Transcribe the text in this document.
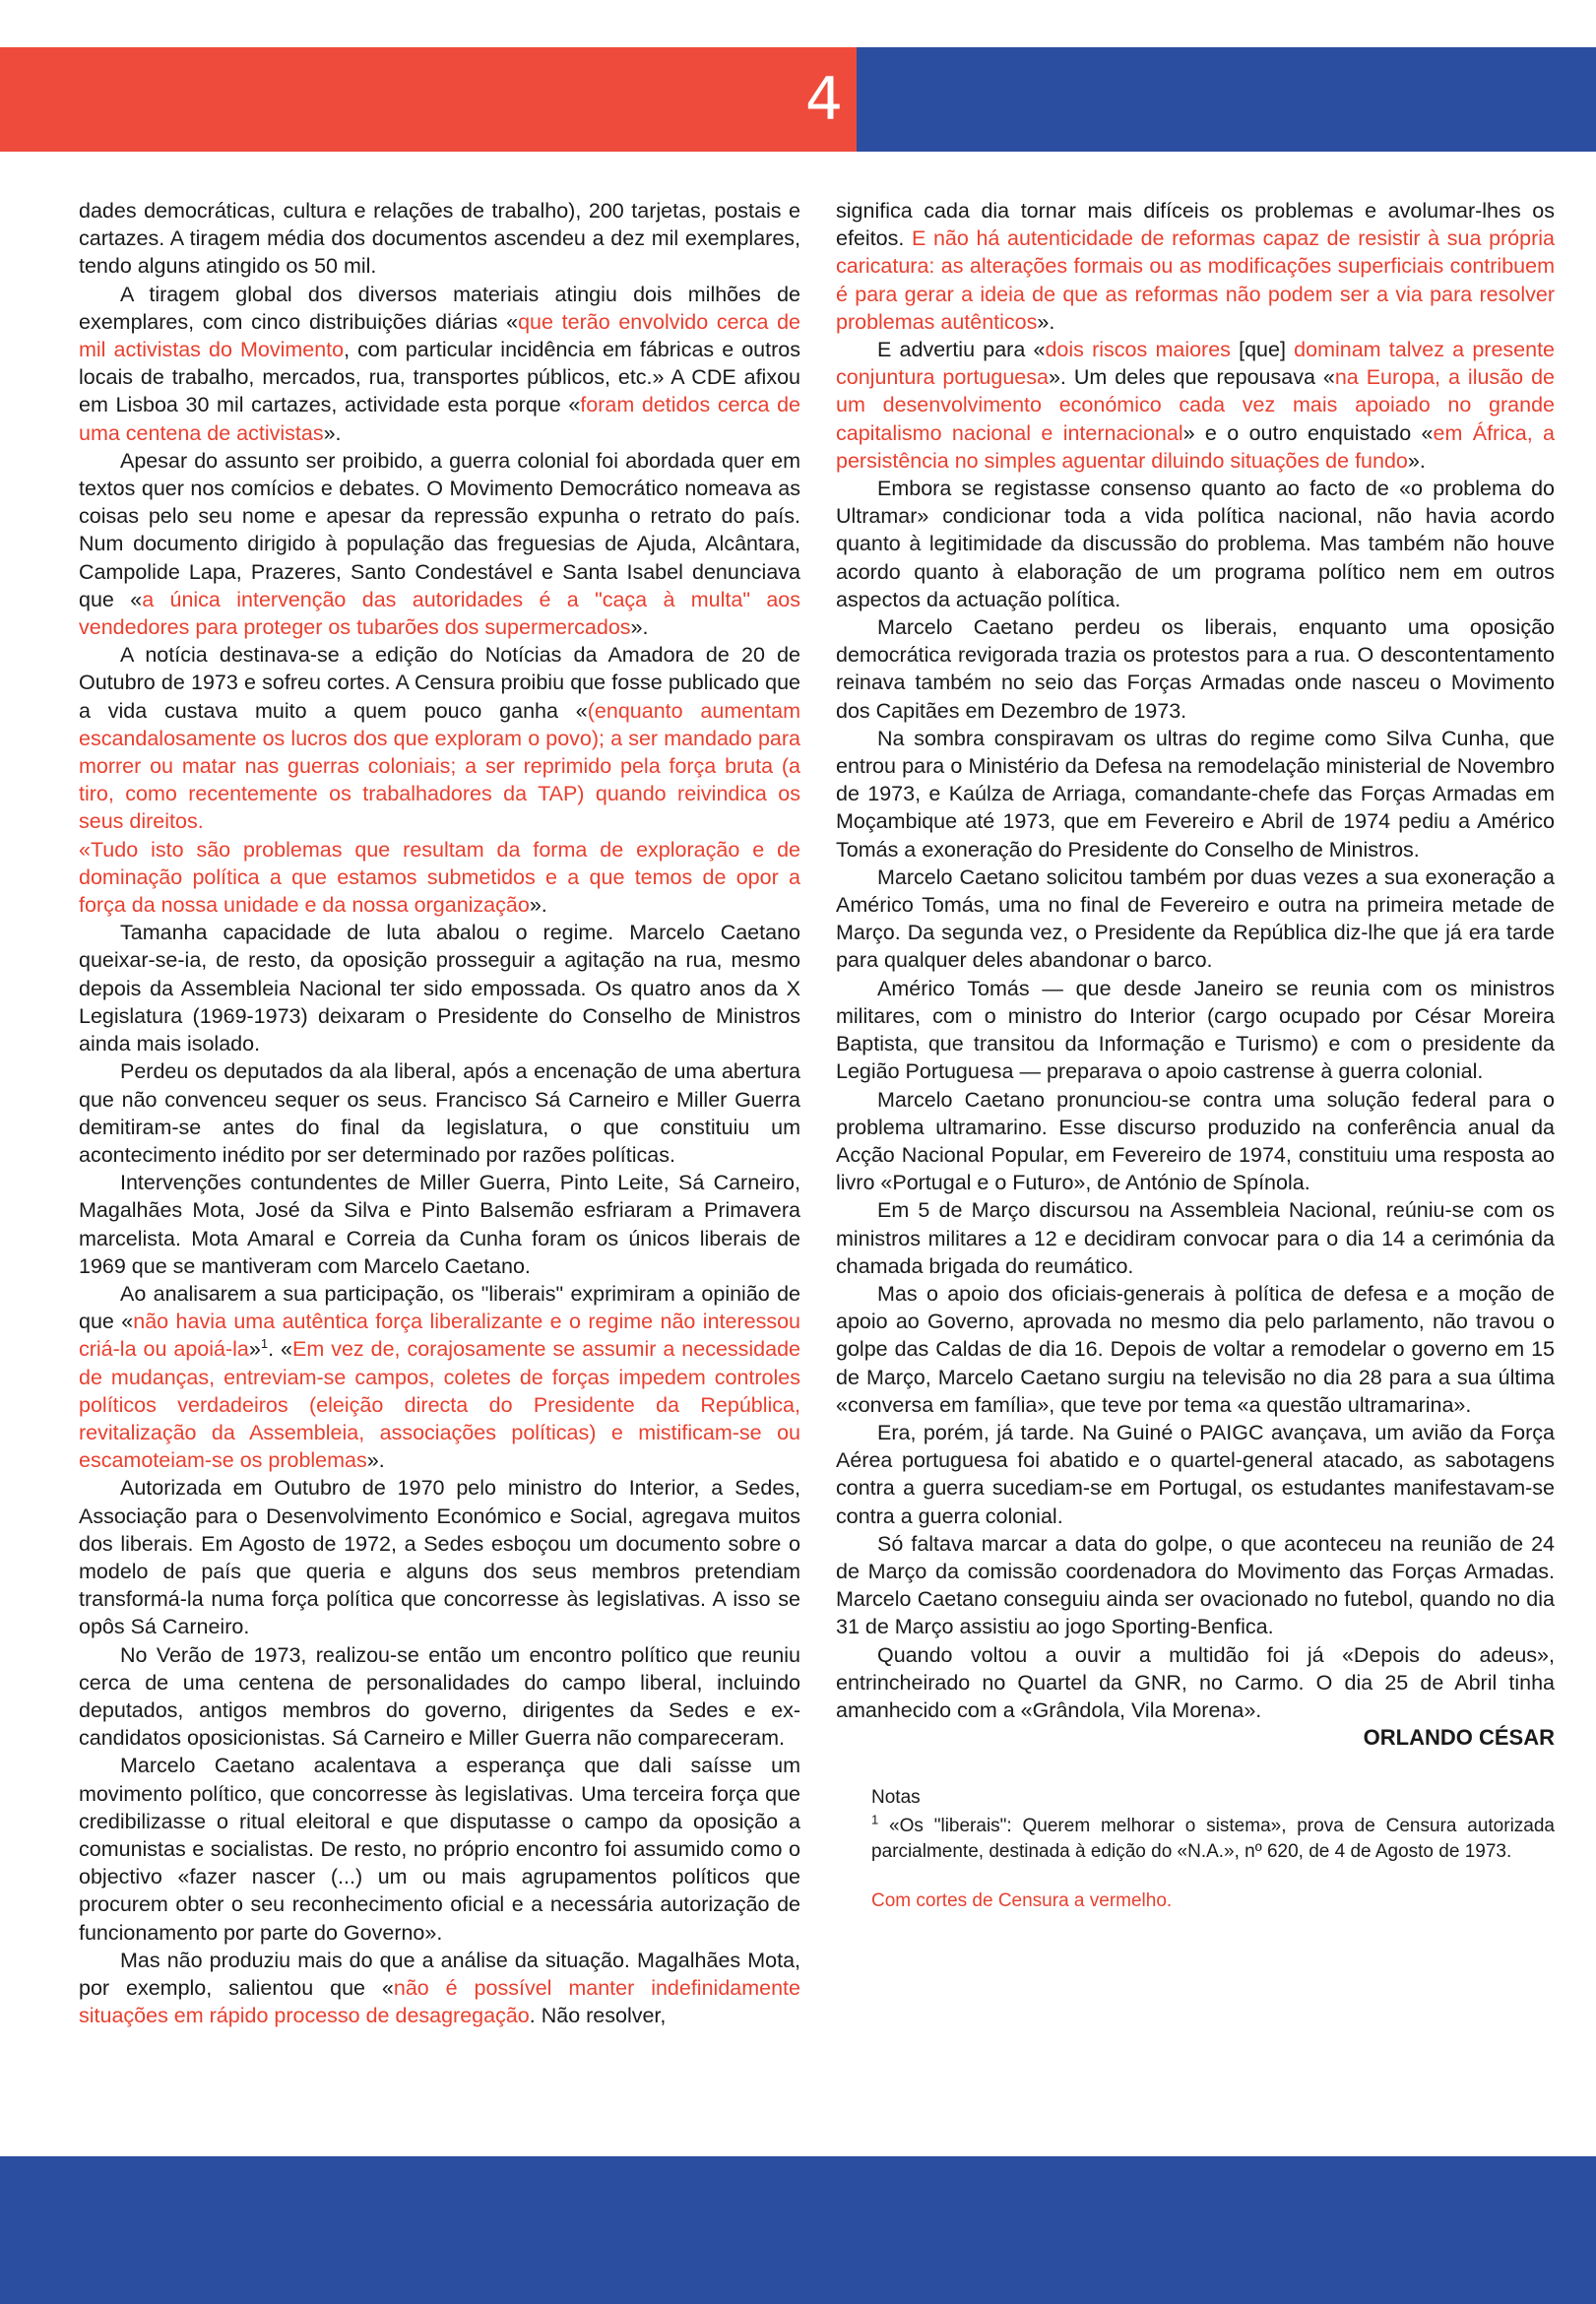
4

dades democráticas, cultura e relações de trabalho), 200 tarjetas, postais e cartazes. A tiragem média dos documentos ascendeu a dez mil exemplares, tendo alguns atingido os 50 mil.

A tiragem global dos diversos materiais atingiu dois milhões de exemplares, com cinco distribuições diárias «que terão envolvido cerca de mil activistas do Movimento, com particular incidência em fábricas e outros locais de trabalho, mercados, rua, transportes públicos, etc.» A CDE afixou em Lisboa 30 mil cartazes, actividade esta porque «foram detidos cerca de uma centena de activistas».

Apesar do assunto ser proibido, a guerra colonial foi abordada quer em textos quer nos comícios e debates. O Movimento Democrático nomeava as coisas pelo seu nome e apesar da repressão expunha o retrato do país. Num documento dirigido à população das freguesias de Ajuda, Alcântara, Campolide Lapa, Prazeres, Santo Condestável e Santa Isabel denunciava que «a única intervenção das autoridades é a "caça à multa" aos vendedores para proteger os tubarões dos supermercados».

A notícia destinava-se a edição do Notícias da Amadora de 20 de Outubro de 1973 e sofreu cortes. A Censura proibiu que fosse publicado que a vida custava muito a quem pouco ganha «(enquanto aumentam escandalosamente os lucros dos que exploram o povo); a ser mandado para morrer ou matar nas guerras coloniais; a ser reprimido pela força bruta (a tiro, como recentemente os trabalhadores da TAP) quando reivindica os seus direitos.

«Tudo isto são problemas que resultam da forma de exploração e de dominação política a que estamos submetidos e a que temos de opor a força da nossa unidade e da nossa organização».

Tamanha capacidade de luta abalou o regime. Marcelo Caetano queixar-se-ia, de resto, da oposição prosseguir a agitação na rua, mesmo depois da Assembleia Nacional ter sido empossada. Os quatro anos da X Legislatura (1969-1973) deixaram o Presidente do Conselho de Ministros ainda mais isolado.

Perdeu os deputados da ala liberal, após a encenação de uma abertura que não convenceu sequer os seus. Francisco Sá Carneiro e Miller Guerra demitiram-se antes do final da legislatura, o que constituiu um acontecimento inédito por ser determinado por razões políticas.

Intervenções contundentes de Miller Guerra, Pinto Leite, Sá Carneiro, Magalhães Mota, José da Silva e Pinto Balsemão esfriaram a Primavera marcelista. Mota Amaral e Correia da Cunha foram os únicos liberais de 1969 que se mantiveram com Marcelo Caetano.

Ao analisarem a sua participação, os "liberais" exprimiram a opinião de que «não havia uma autêntica força liberalizante e o regime não interessou criá-la ou apoiá-la»$^1$. «Em vez de, corajosamente se assumir a necessidade de mudanças, entreviam-se campos, coletes de forças impedem controles políticos verdadeiros (eleição directa do Presidente da República, revitalização da Assembleia, associações políticas) e mistificam-se ou escamoteiam-se os problemas».

Autorizada em Outubro de 1970 pelo ministro do Interior, a Sedes, Associação para o Desenvolvimento Económico e Social, agregava muitos dos liberais. Em Agosto de 1972, a Sedes esboçou um documento sobre o modelo de país que queria e alguns dos seus membros pretendiam transformá-la numa força política que concorresse às legislativas. A isso se opôs Sá Carneiro.

No Verão de 1973, realizou-se então um encontro político que reuniu cerca de uma centena de personalidades do campo liberal, incluindo deputados, antigos membros do governo, dirigentes da Sedes e ex-candidatos oposicionistas. Sá Carneiro e Miller Guerra não compareceram.

Marcelo Caetano acalentava a esperança que dali saísse um movimento político, que concorresse às legislativas. Uma terceira força que credibilizasse o ritual eleitoral e que disputasse o campo da oposição a comunistas e socialistas. De resto, no próprio encontro foi assumido como o objectivo «fazer nascer (...) um ou mais agrupamentos políticos que procurem obter o seu reconhecimento oficial e a necessária autorização de funcionamento por parte do Governo».

Mas não produziu mais do que a análise da situação. Magalhães Mota, por exemplo, salientou que «não é possível manter indefinidamente situações em rápido processo de desagregação. Não resolver,

significa cada dia tornar mais difíceis os problemas e avolumar-lhes os efeitos. E não há autenticidade de reformas capaz de resistir à sua própria caricatura: as alterações formais ou as modificações superficiais contribuem é para gerar a ideia de que as reformas não podem ser a via para resolver problemas autênticos».

E advertiu para «dois riscos maiores [que] dominam talvez a presente conjuntura portuguesa». Um deles que repousava «na Europa, a ilusão de um desenvolvimento económico cada vez mais apoiado no grande capitalismo nacional e internacional» e o outro enquistado «em África, a persistência no simples aguentar diluindo situações de fundo».

Embora se registasse consenso quanto ao facto de «o problema do Ultramar» condicionar toda a vida política nacional, não havia acordo quanto à legitimidade da discussão do problema. Mas também não houve acordo quanto à elaboração de um programa político nem em outros aspectos da actuação política.

Marcelo Caetano perdeu os liberais, enquanto uma oposição democrática revigorada trazia os protestos para a rua. O descontentamento reinava também no seio das Forças Armadas onde nasceu o Movimento dos Capitães em Dezembro de 1973.

Na sombra conspiravam os ultras do regime como Silva Cunha, que entrou para o Ministério da Defesa na remodelação ministerial de Novembro de 1973, e Kaúlza de Arriaga, comandante-chefe das Forças Armadas em Moçambique até 1973, que em Fevereiro e Abril de 1974 pediu a Américo Tomás a exoneração do Presidente do Conselho de Ministros.

Marcelo Caetano solicitou também por duas vezes a sua exoneração a Américo Tomás, uma no final de Fevereiro e outra na primeira metade de Março. Da segunda vez, o Presidente da República diz-lhe que já era tarde para qualquer deles abandonar o barco.

Américo Tomás — que desde Janeiro se reunia com os ministros militares, com o ministro do Interior (cargo ocupado por César Moreira Baptista, que transitou da Informação e Turismo) e com o presidente da Legião Portuguesa — preparava o apoio castrense à guerra colonial.

Marcelo Caetano pronunciou-se contra uma solução federal para o problema ultramarino. Esse discurso produzido na conferência anual da Acção Nacional Popular, em Fevereiro de 1974, constituiu uma resposta ao livro «Portugal e o Futuro», de António de Spínola.

Em 5 de Março discursou na Assembleia Nacional, reúniu-se com os ministros militares a 12 e decidiram convocar para o dia 14 a cerimónia da chamada brigada do reumático.

Mas o apoio dos oficiais-generais à política de defesa e a moção de apoio ao Governo, aprovada no mesmo dia pelo parlamento, não travou o golpe das Caldas de dia 16. Depois de voltar a remodelar o governo em 15 de Março, Marcelo Caetano surgiu na televisão no dia 28 para a sua última «conversa em família», que teve por tema «a questão ultramarina».

Era, porém, já tarde. Na Guiné o PAIGC avançava, um avião da Força Aérea portuguesa foi abatido e o quartel-general atacado, as sabotagens contra a guerra sucediam-se em Portugal, os estudantes manifestavam-se contra a guerra colonial.

Só faltava marcar a data do golpe, o que aconteceu na reunião de 24 de Março da comissão coordenadora do Movimento das Forças Armadas. Marcelo Caetano conseguiu ainda ser ovacionado no futebol, quando no dia 31 de Março assistiu ao jogo Sporting-Benfica.

Quando voltou a ouvir a multidão foi já «Depois do adeus», entrincheirado no Quartel da GNR, no Carmo. O dia 25 de Abril tinha amanhecido com a «Grândola, Vila Morena».

ORLANDO CÉSAR

Notas

$^1$ «Os "liberais": Querem melhorar o sistema», prova de Censura autorizada parcialmente, destinada à edição do «N.A.», nº 620, de 4 de Agosto de 1973.

Com cortes de Censura a vermelho.
